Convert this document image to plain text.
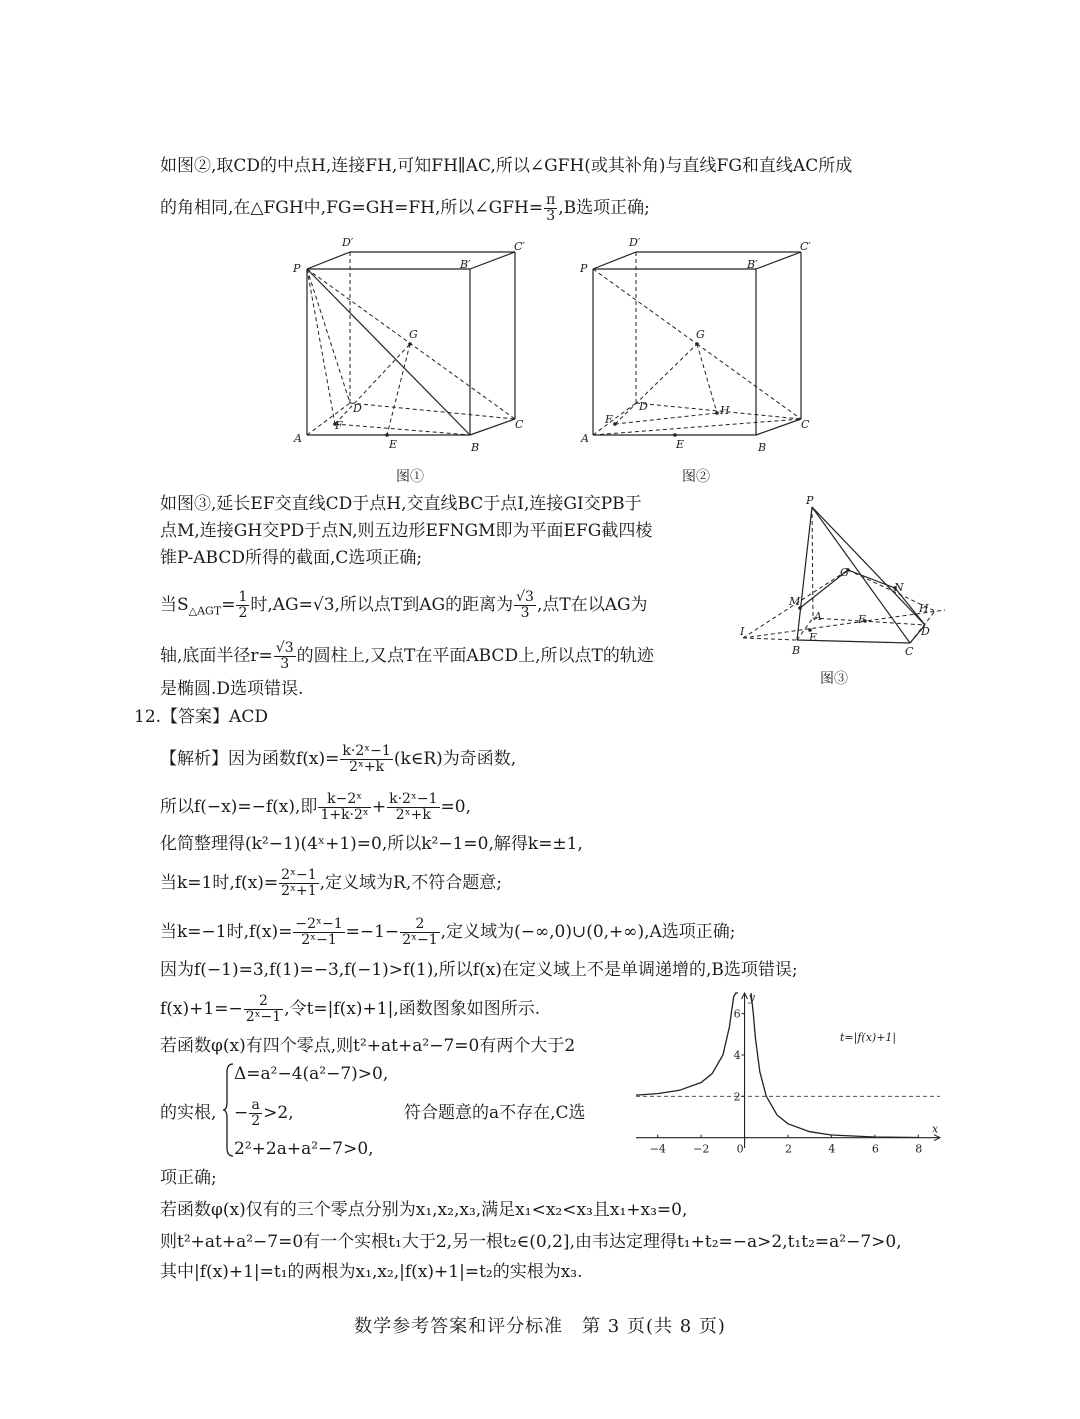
如图②,取CD的中点H,连接FH,可知FH∥AC,所以∠GFH(或其补角)与直线FG和直线AC所成
的角相同,在△FGH中,FG=GH=FH,所以∠GFH= $\frac{\pi}{3} ,B$选项正确;
P
D′	C′
B′
G
D
F
A	E	B
C
图①
P
D′	C′
B′
G
D	H
F
A	E	B
C
图②
如图③,延长EF交直线CD于点H,交直线BC于点I,连接GI交PB于
点M,连接GH交PD于点N,则五边形EFNGM即为平面EFG截四棱
锥P-ABCD所得的截面,C选项正确;
当$S_{\triangle AGT}= \frac{1}{2}$ 时,AG=√3,所以点T到AG的距离为 $\frac{√3}{3}$ ,点T在以AG为
轴,底面半径$r= \frac{√3}{3}$ 的圆柱上,又点T在平面ABCD上,所以点T的轨迹
是椭圆.D选项错误.
P
G
N
M
A
H
F
D
I	E
B	C
图③
12.【答案】ACD
【解析】因为函数$f(x)= \frac{\text{k·2ˣ−1}}{\text{2ˣ+k}}$ (k∈R)为奇函数,
所以f(−x)=−f(x),即 $\frac{\text{k−2ˣ}}{\text{1+k·2ˣ}} + \frac{\text{k·2ˣ−1}}{\text{2ˣ+k}} =0$,
化简整理得(k²−1)(4ˣ+1)=0,所以k²−1=0,解得k=±1,
当k=1时$,f(x)= \frac{\text{2ˣ−1}}{\text{2ˣ+1}}$ ,定义域为R,不符合题意;
当k=−1时$,f(x)= \frac{\text{−2ˣ−1}}{\text{2ˣ−1}} =-1- \frac{2}{\text{2ˣ−1}}$ ,定义域为(−∞,0)∪(0,+∞),A选项正确;
因为f(−1)=3,f(1)=−3,f(−1)>f(1),所以f(x)在定义域上不是单调递增的,B选项错误;
$f(x)+1=- \frac{2}{\text{2ˣ−1}}$ ,令t=|f(x)+1|,函数图象如图所示.
若函数φ(x)有四个零点,则t²+at+a²−7=0有两个大于2
的实根,
Δ=a²−4(a²−7)>0,
− $\frac{a}{2} >2$,
2²+2a+a²−7>0,
符合题意的a不存在,C选
项正确;
x
y
−4 −2 0	2	4	6	8
2
4
6
t=|f(x)+1|
若函数φ(x)仅有的三个零点分别为x₁,x₂,x₃,满足x₁<x₂<x₃且x₁+x₃=0,
则t²+at+a²−7=0有一个实根t₁大于2,另一根t₂∈(0,2],由韦达定理得t₁+t₂=−a>2,t₁t₂=a²−7>0,
其中|f(x)+1|=t₁的两根为x₁,x₂,|f(x)+1|=t₂的实根为x₃.
数学参考答案和评分标准　第 3 页(共 8 页)
